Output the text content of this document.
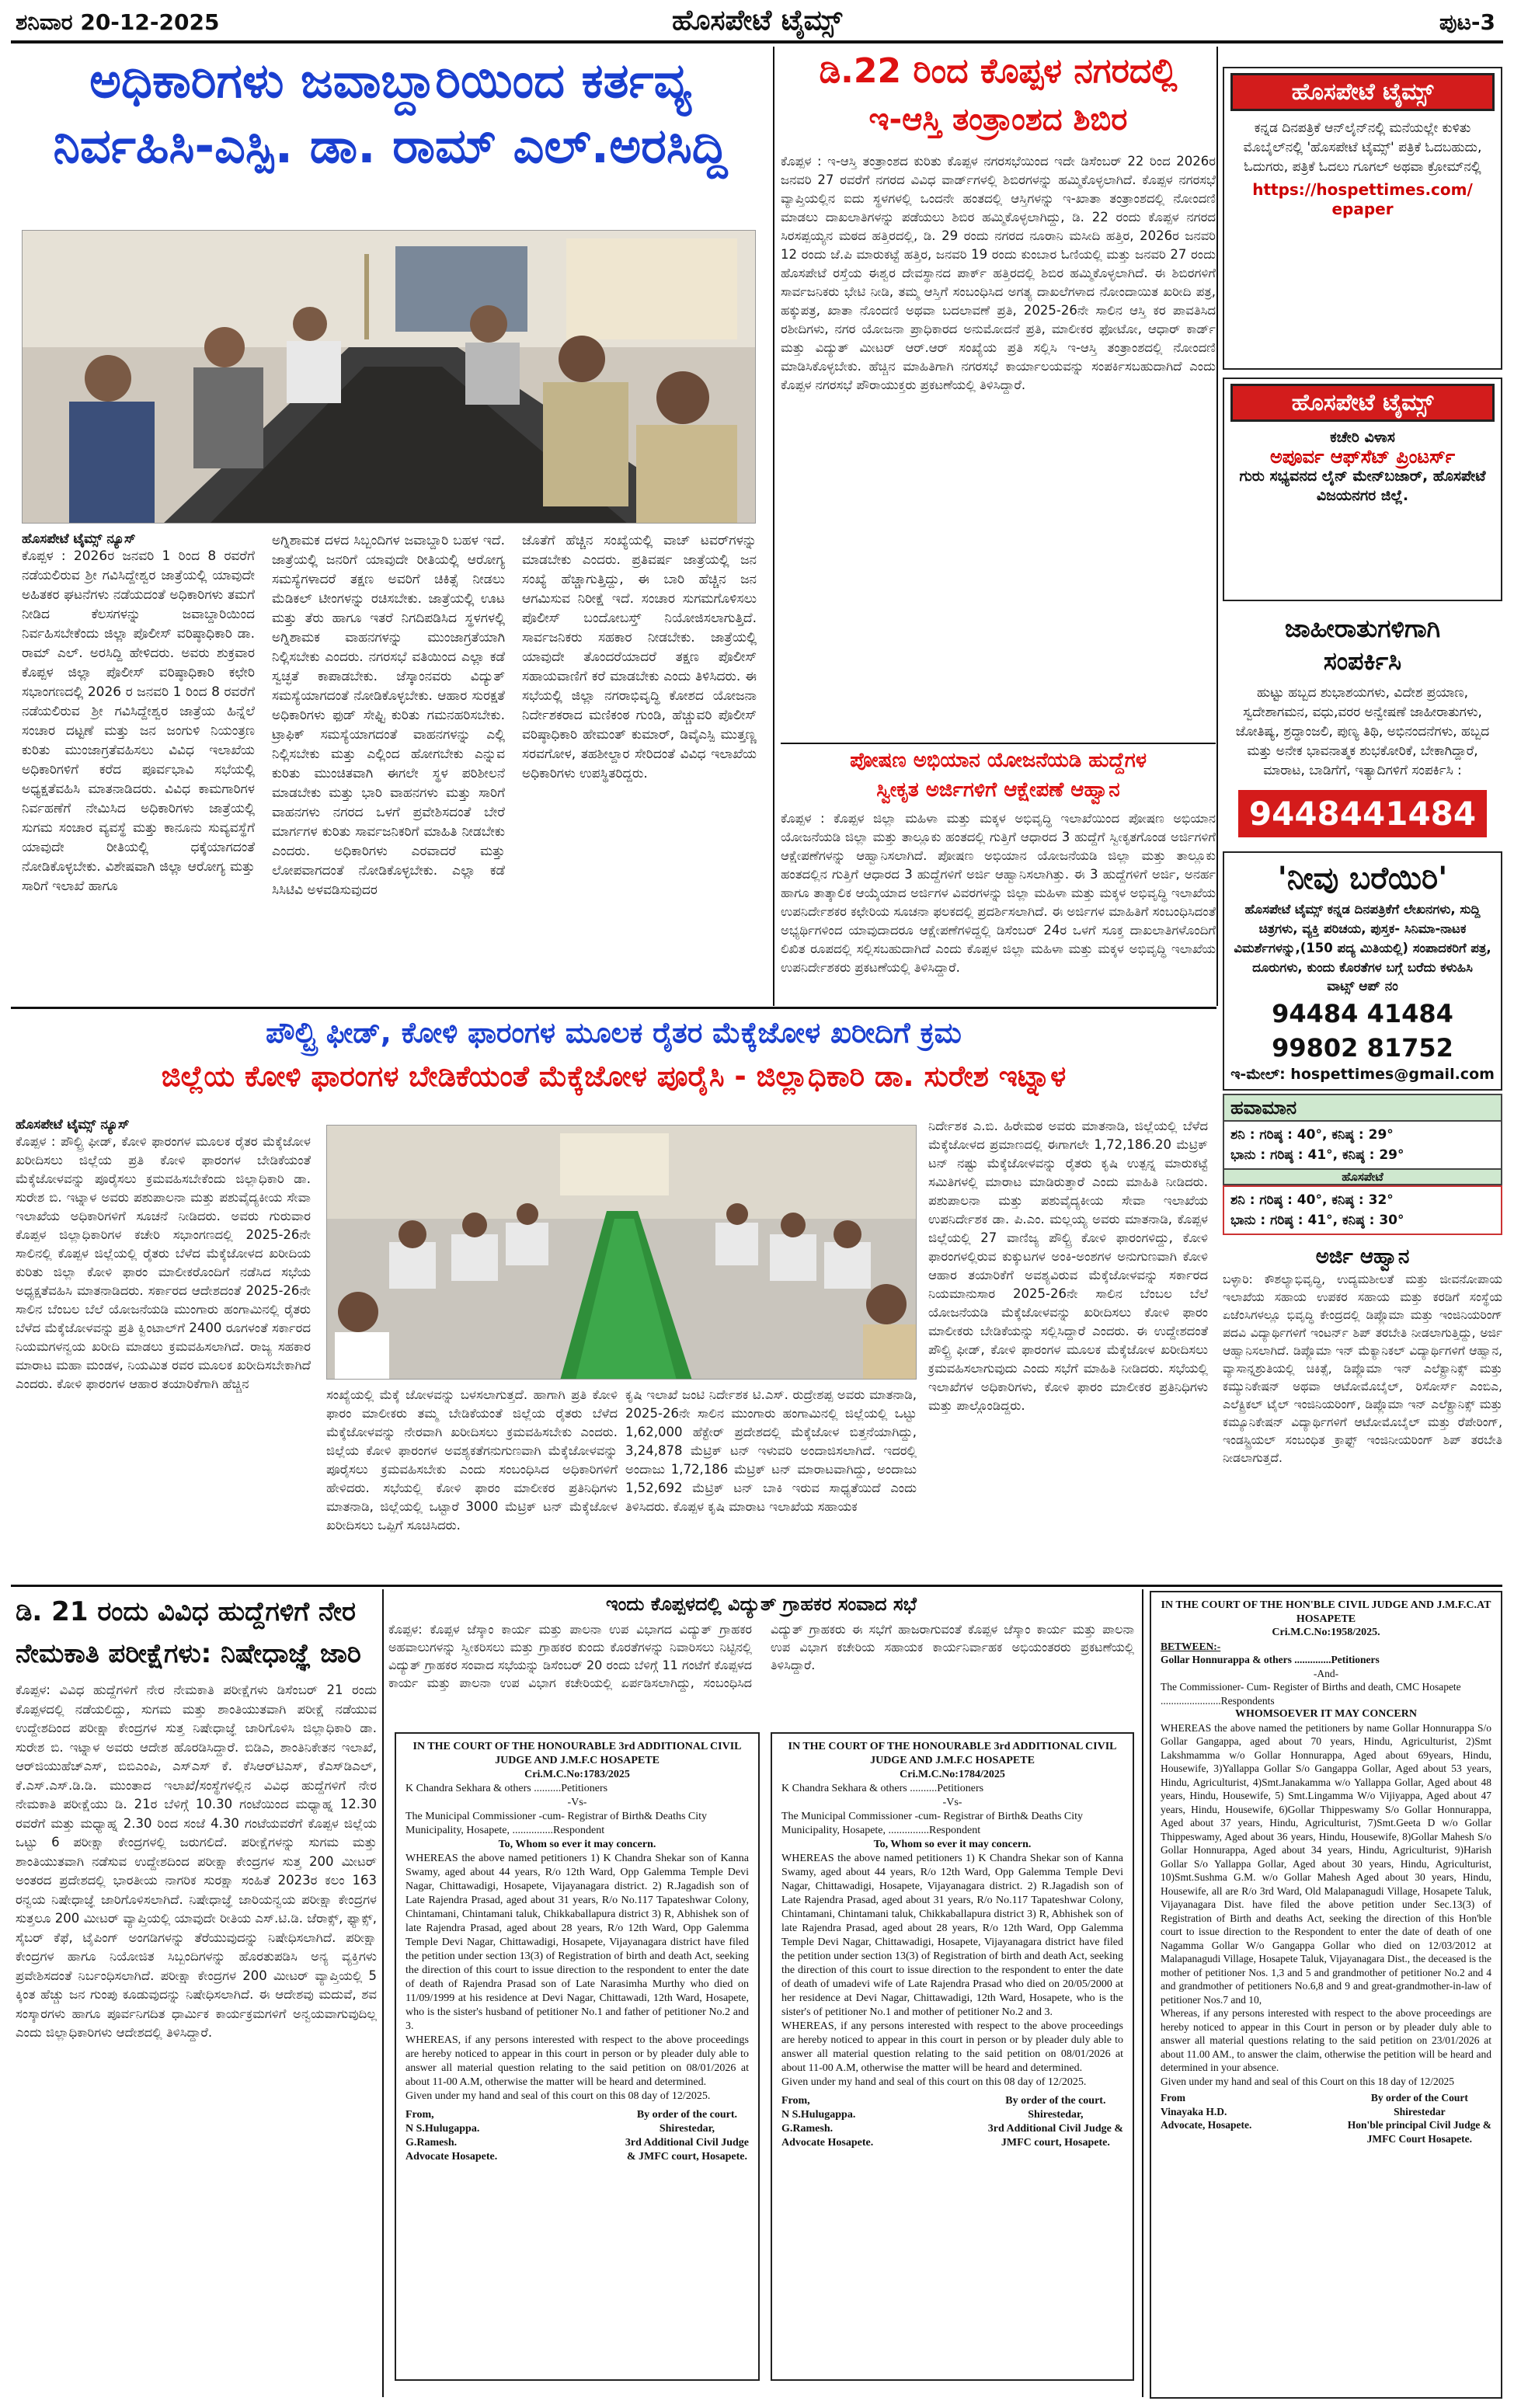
ಶನಿವಾರ 20-12-2025	ಹೊಸಪೇಟೆ ಟೈಮ್ಸ್	ಪುಟ-3
ಅಧಿಕಾರಿಗಳು ಜವಾಬ್ದಾರಿಯಿಂದ ಕರ್ತವ್ಯ
ನಿರ್ವಹಿಸಿ-ಎಸ್ಪಿ. ಡಾ. ರಾಮ್ ಎಲ್.ಅರಸಿದ್ದಿ
ಹೊಸಪೇಟೆ ಟೈಮ್ಸ್ ನ್ಯೂಸ್
ಕೊಪ್ಪಳ : 2026ರ ಜನವರಿ 1 ರಿಂದ 8 ರವರೆಗೆ ನಡೆಯಲಿರುವ ಶ್ರೀ ಗವಿಸಿದ್ದೇಶ್ವರ ಜಾತ್ರೆಯಲ್ಲಿ ಯಾವುದೇ ಅಹಿತಕರ ಘಟನೆಗಳು ನಡೆಯದಂತೆ ಅಧಿಕಾರಿಗಳು ತಮಗೆ ನೀಡಿದ ಕೆಲಸಗಳನ್ನು ಜವಾಬ್ದಾರಿಯಿಂದ ನಿರ್ವಹಿಸಬೇಕೆಂದು ಜಿಲ್ಲಾ ಪೊಲೀಸ್ ವರಿಷ್ಠಾಧಿಕಾರಿ ಡಾ. ರಾಮ್ ಎಲ್. ಅರಸಿದ್ದಿ ಹೇಳಿದರು. ಅವರು ಶುಕ್ರವಾರ ಕೊಪ್ಪಳ ಜಿಲ್ಲಾ ಪೊಲೀಸ್ ವರಿಷ್ಠಾಧಿಕಾರಿ ಕಛೇರಿ ಸಭಾಂಗಣದಲ್ಲಿ 2026 ರ ಜನವರಿ 1 ರಿಂದ 8 ರವರೆಗೆ ನಡೆಯಲಿರುವ ಶ್ರೀ ಗವಿಸಿದ್ದೇಶ್ವರ ಜಾತ್ರೆಯ ಹಿನ್ನೆಲೆ ಸಂಚಾರ ದಟ್ಟಣೆ ಮತ್ತು ಜನ ಜಂಗುಳಿ ನಿಯಂತ್ರಣ ಕುರಿತು ಮುಂಜಾಗ್ರತೆವಹಿಸಲು ವಿವಿಧ ಇಲಾಖೆಯ ಅಧಿಕಾರಿಗಳಿಗೆ ಕರೆದ ಪೂರ್ವಭಾವಿ ಸಭೆಯಲ್ಲಿ ಅಧ್ಯಕ್ಷತೆವಹಿಸಿ ಮಾತನಾಡಿದರು. ವಿವಿಧ ಕಾಮಗಾರಿಗಳ ನಿರ್ವಹಣೆಗೆ ನೇಮಿಸಿದ ಅಧಿಕಾರಿಗಳು ಜಾತ್ರೆಯಲ್ಲಿ ಸುಗಮ ಸಂಚಾರ ವ್ಯವಸ್ಥೆ ಮತ್ತು ಕಾನೂನು ಸುವ್ಯವಸ್ಥೆಗೆ ಯಾವುದೇ ರೀತಿಯಲ್ಲಿ ಧಕ್ಕೆಯಾಗದಂತೆ ನೋಡಿಕೊಳ್ಳಬೇಕು. ವಿಶೇಷವಾಗಿ ಜಿಲ್ಲಾ ಆರೋಗ್ಯ ಮತ್ತು ಸಾರಿಗೆ ಇಲಾಖೆ ಹಾಗೂ
ಅಗ್ನಿಶಾಮಕ ದಳದ ಸಿಬ್ಬಂದಿಗಳ ಜವಾಬ್ದಾರಿ ಬಹಳ ಇದೆ. ಜಾತ್ರೆಯಲ್ಲಿ ಜನರಿಗೆ ಯಾವುದೇ ರೀತಿಯಲ್ಲಿ ಆರೋಗ್ಯ ಸಮಸ್ಯೆಗಳಾದರೆ ತಕ್ಷಣ ಅವರಿಗೆ ಚಿಕಿತ್ಸೆ ನೀಡಲು ಮೆಡಿಕಲ್ ಟೀಂಗಳನ್ನು ರಚಿಸಬೇಕು. ಜಾತ್ರೆಯಲ್ಲಿ ಊಟ ಮತ್ತು ತೆರು ಹಾಗೂ ಇತರೆ ನಿಗದಿಪಡಿಸಿದ ಸ್ಥಳಗಳಲ್ಲಿ ಅಗ್ನಿಶಾಮಕ ವಾಹನಗಳನ್ನು ಮುಂಜಾಗ್ರತೆಯಾಗಿ ನಿಲ್ಲಿಸಬೇಕು ಎಂದರು. ನಗರಸಭೆ ವತಿಯಿಂದ ಎಲ್ಲಾ ಕಡೆ ಸ್ವಚ್ಛತೆ ಕಾಪಾಡಬೇಕು. ಜೆಸ್ಕಾಂನವರು ವಿದ್ಯುತ್ ಸಮಸ್ಯೆಯಾಗದಂತೆ ನೋಡಿಕೊಳ್ಳಬೇಕು. ಆಹಾರ ಸುರಕ್ಷತೆ ಅಧಿಕಾರಿಗಳು ಫುಡ್ ಸೇಫ್ಟಿ ಕುರಿತು ಗಮನಹರಿಸಬೇಕು. ಟ್ರಾಫಿಕ್ ಸಮಸ್ಯೆಯಾಗದಂತೆ ವಾಹನಗಳನ್ನು ಎಲ್ಲಿ ನಿಲ್ಲಿಸಬೇಕು ಮತ್ತು ಎಲ್ಲಿಂದ ಹೋಗಬೇಕು ಎನ್ನುವ ಕುರಿತು ಮುಂಚಿತವಾಗಿ ಈಗಲೇ ಸ್ಥಳ ಪರಿಶೀಲನೆ ಮಾಡಬೇಕು ಮತ್ತು ಭಾರಿ ವಾಹನಗಳು ಮತ್ತು ಸಾರಿಗೆ ವಾಹನಗಳು ನಗರದ ಒಳಗೆ ಪ್ರವೇಶಿಸದಂತೆ ಬೇರೆ ಮಾರ್ಗಗಳ ಕುರಿತು ಸಾರ್ವಜನಿಕರಿಗೆ ಮಾಹಿತಿ ನೀಡಬೇಕು ಎಂದರು. ಅಧಿಕಾರಿಗಳು ಎರವಾದರೆ ಮತ್ತು ಲೋಪವಾಗದಂತೆ ನೋಡಿಕೊಳ್ಳಬೇಕು. ಎಲ್ಲಾ ಕಡೆ ಸಿಸಿಟಿವಿ ಅಳವಡಿಸುವುದರ
ಜೊತೆಗೆ ಹೆಚ್ಚಿನ ಸಂಖ್ಯೆಯಲ್ಲಿ ವಾಚ್ ಟವರ್‌ಗಳನ್ನು ಮಾಡಬೇಕು ಎಂದರು. ಪ್ರತಿವರ್ಷ ಜಾತ್ರೆಯಲ್ಲಿ ಜನ ಸಂಖ್ಯೆ ಹೆಚ್ಚಾಗುತ್ತಿದ್ದು, ಈ ಬಾರಿ ಹೆಚ್ಚಿನ ಜನ ಆಗಮಿಸುವ ನಿರೀಕ್ಷೆ ಇದೆ. ಸಂಚಾರ ಸುಗಮಗೊಳಿಸಲು ಪೊಲೀಸ್ ಬಂದೋಬಸ್ತ್ ನಿಯೋಜಿಸಲಾಗುತ್ತಿದೆ. ಸಾರ್ವಜನಿಕರು ಸಹಕಾರ ನೀಡಬೇಕು. ಜಾತ್ರೆಯಲ್ಲಿ ಯಾವುದೇ ತೊಂದರೆಯಾದರೆ ತಕ್ಷಣ ಪೊಲೀಸ್ ಸಹಾಯವಾಣಿಗೆ ಕರೆ ಮಾಡಬೇಕು ಎಂದು ತಿಳಿಸಿದರು. ಈ ಸಭೆಯಲ್ಲಿ ಜಿಲ್ಲಾ ನಗರಾಭಿವೃದ್ಧಿ ಕೋಶದ ಯೋಜನಾ ನಿರ್ದೇಶಕರಾದ ಮಣಿಕಂಠ ಗುಂಡಿ, ಹೆಚ್ಚುವರಿ ಪೊಲೀಸ್ ವರಿಷ್ಠಾಧಿಕಾರಿ ಹೇಮಂತ್ ಕುಮಾರ್, ಡಿವೈಎಸ್ಪಿ ಮುತ್ತಣ್ಣ ಸರವಗೋಳ, ತಹಶೀಲ್ದಾರ ಸೇರಿದಂತೆ ವಿವಿಧ ಇಲಾಖೆಯ ಅಧಿಕಾರಿಗಳು ಉಪಸ್ಥಿತರಿದ್ದರು.
ಡಿ.22 ರಿಂದ ಕೊಪ್ಪಳ ನಗರದಲ್ಲಿ
ಇ-ಆಸ್ತಿ ತಂತ್ರಾಂಶದ ಶಿಬಿರ
ಕೊಪ್ಪಳ : ಇ-ಆಸ್ತಿ ತಂತ್ರಾಂಶದ ಕುರಿತು ಕೊಪ್ಪಳ ನಗರಸಭೆಯಿಂದ ಇದೇ ಡಿಸೆಂಬರ್ 22 ರಿಂದ 2026ರ ಜನವರಿ 27 ರವರೆಗೆ ನಗರದ ವಿವಿಧ ವಾರ್ಡ್‌ಗಳಲ್ಲಿ ಶಿಬಿರಗಳನ್ನು ಹಮ್ಮಿಕೊಳ್ಳಲಾಗಿದೆ. ಕೊಪ್ಪಳ ನಗರಸಭೆ ವ್ಯಾಪ್ತಿಯಲ್ಲಿನ ಐದು ಸ್ಥಳಗಳಲ್ಲಿ ಒಂದನೇ ಹಂತದಲ್ಲಿ ಆಸ್ತಿಗಳನ್ನು ಇ-ಖಾತಾ ತಂತ್ರಾಂಶದಲ್ಲಿ ನೋಂದಣಿ ಮಾಡಲು ದಾಖಲಾತಿಗಳನ್ನು ಪಡೆಯಲು ಶಿಬಿರ ಹಮ್ಮಿಕೊಳ್ಳಲಾಗಿದ್ದು, ಡಿ. 22 ರಂದು ಕೊಪ್ಪಳ ನಗರದ ಸಿರಸಪ್ಪಯ್ಯನ ಮಠದ ಹತ್ತಿರದಲ್ಲಿ, ಡಿ. 29 ರಂದು ನಗರದ ನೂರಾನಿ ಮಸೀದಿ ಹತ್ತಿರ, 2026ರ ಜನವರಿ 12 ರಂದು ಜೆ.ಪಿ ಮಾರುಕಟ್ಟೆ ಹತ್ತಿರ, ಜನವರಿ 19 ರಂದು ಕುಂಬಾರ ಓಣಿಯಲ್ಲಿ ಮತ್ತು ಜನವರಿ 27 ರಂದು ಹೊಸಪೇಟೆ ರಸ್ತೆಯ ಈಶ್ವರ ದೇವಸ್ಥಾನದ ಪಾರ್ಕ್ ಹತ್ತಿರದಲ್ಲಿ ಶಿಬಿರ ಹಮ್ಮಿಕೊಳ್ಳಲಾಗಿದೆ. ಈ ಶಿಬಿರಗಳಿಗೆ ಸಾರ್ವಜನಿಕರು ಭೇಟಿ ನೀಡಿ, ತಮ್ಮ ಆಸ್ತಿಗೆ ಸಂಬಂಧಿಸಿದ ಅಗತ್ಯ ದಾಖಲೆಗಳಾದ ನೋಂದಾಯಿತ ಖರೀದಿ ಪತ್ರ, ಹಕ್ಕುಪತ್ರ, ಖಾತಾ ನೊಂದಣಿ ಅಥವಾ ಬದಲಾವಣೆ ಪ್ರತಿ, 2025-26ನೇ ಸಾಲಿನ ಆಸ್ತಿ ಕರ ಪಾವತಿಸಿದ ರಶೀದಿಗಳು, ನಗರ ಯೋಜನಾ ಪ್ರಾಧಿಕಾರದ ಅನುಮೋದನೆ ಪ್ರತಿ, ಮಾಲೀಕರ ಫೋಟೋ, ಆಧಾರ್ ಕಾರ್ಡ್ ಮತ್ತು ವಿದ್ಯುತ್ ಮೀಟರ್ ಆರ್.ಆರ್ ಸಂಖ್ಯೆಯ ಪ್ರತಿ ಸಲ್ಲಿಸಿ ಇ-ಆಸ್ತಿ ತಂತ್ರಾಂಶದಲ್ಲಿ ನೋಂದಣಿ ಮಾಡಿಸಿಕೊಳ್ಳಬೇಕು. ಹೆಚ್ಚಿನ ಮಾಹಿತಿಗಾಗಿ ನಗರಸಭೆ ಕಾರ್ಯಾಲಯವನ್ನು ಸಂಪರ್ಕಿಸಬಹುದಾಗಿದೆ ಎಂದು ಕೊಪ್ಪಳ ನಗರಸಭೆ ಪೌರಾಯುಕ್ತರು ಪ್ರಕಟಣೆಯಲ್ಲಿ ತಿಳಿಸಿದ್ದಾರೆ.
ಪೋಷಣ ಅಭಿಯಾನ ಯೋಜನೆಯಡಿ ಹುದ್ದೆಗಳ
ಸ್ವೀಕೃತ ಅರ್ಜಿಗಳಿಗೆ ಆಕ್ಷೇಪಣೆ ಆಹ್ವಾನ
ಕೊಪ್ಪಳ : ಕೊಪ್ಪಳ ಜಿಲ್ಲಾ ಮಹಿಳಾ ಮತ್ತು ಮಕ್ಕಳ ಅಭಿವೃದ್ಧಿ ಇಲಾಖೆಯಿಂದ ಪೋಷಣ ಅಭಿಯಾನ ಯೋಜನೆಯಡಿ ಜಿಲ್ಲಾ ಮತ್ತು ತಾಲ್ಲೂಕು ಹಂತದಲ್ಲಿ ಗುತ್ತಿಗೆ ಆಧಾರದ 3 ಹುದ್ದೆಗೆ ಸ್ವೀಕೃತಗೊಂಡ ಅರ್ಜಿಗಳಿಗೆ ಆಕ್ಷೇಪಣೆಗಳನ್ನು ಆಹ್ವಾನಿಸಲಾಗಿದೆ. ಪೋಷಣ ಅಭಿಯಾನ ಯೋಜನೆಯಡಿ ಜಿಲ್ಲಾ ಮತ್ತು ತಾಲ್ಲೂಕು ಹಂತದಲ್ಲಿನ ಗುತ್ತಿಗೆ ಆಧಾರದ 3 ಹುದ್ದೆಗಳಿಗೆ ಅರ್ಜಿ ಆಹ್ವಾನಿಸಲಾಗಿತ್ತು. ಈ 3 ಹುದ್ದೆಗಳಿಗೆ ಅರ್ಜಿ, ಅನರ್ಹ ಹಾಗೂ ತಾತ್ಕಾಲಿಕ ಆಯ್ಕೆಯಾದ ಅರ್ಜಿಗಳ ವಿವರಗಳನ್ನು ಜಿಲ್ಲಾ ಮಹಿಳಾ ಮತ್ತು ಮಕ್ಕಳ ಅಭಿವೃದ್ಧಿ ಇಲಾಖೆಯ ಉಪನಿರ್ದೇಶಕರ ಕಛೇರಿಯ ಸೂಚನಾ ಫಲಕದಲ್ಲಿ ಪ್ರದರ್ಶಿಸಲಾಗಿದೆ. ಈ ಅರ್ಜಿಗಳ ಮಾಹಿತಿಗೆ ಸಂಬಂಧಿಸಿದಂತೆ ಅಭ್ಯರ್ಥಿಗಳಿಂದ ಯಾವುದಾದರೂ ಆಕ್ಷೇಪಣೆಗಳಿದ್ದಲ್ಲಿ ಡಿಸೆಂಬರ್ 24ರ ಒಳಗೆ ಸೂಕ್ತ ದಾಖಲಾತಿಗಳೊಂದಿಗೆ ಲಿಖಿತ ರೂಪದಲ್ಲಿ ಸಲ್ಲಿಸಬಹುದಾಗಿದೆ ಎಂದು ಕೊಪ್ಪಳ ಜಿಲ್ಲಾ ಮಹಿಳಾ ಮತ್ತು ಮಕ್ಕಳ ಅಭಿವೃದ್ಧಿ ಇಲಾಖೆಯ ಉಪನಿರ್ದೇಶಕರು ಪ್ರಕಟಣೆಯಲ್ಲಿ ತಿಳಿಸಿದ್ದಾರೆ.
ಹೊಸಪೇಟೆ ಟೈಮ್ಸ್
ಕನ್ನಡ ದಿನಪತ್ರಿಕೆ ಆನ್‌ಲೈನ್‌ನಲ್ಲಿ ಮನೆಯಲ್ಲೇ ಕುಳಿತು ಮೊಬೈಲ್‌ನಲ್ಲಿ 'ಹೊಸಪೇಟೆ ಟೈಮ್ಸ್' ಪತ್ರಿಕೆ ಓದಬಹುದು, ಓದುಗರು, ಪತ್ರಿಕೆ ಓದಲು ಗೂಗಲ್ ಅಥವಾ ಕ್ರೋಮ್‌ನಲ್ಲಿ
https://hospettimes.com/
epaper
ಹೊಸಪೇಟೆ ಟೈಮ್ಸ್
ಕಚೇರಿ ವಿಳಾಸ
ಅಪೂರ್ವ ಆಫ್‌ಸೆಟ್ ಪ್ರಿಂಟರ್ಸ್
ಗುರು ಸಭ್ಯವನದ ಲೈನ್ ಮೇನ್‌ಬಜಾರ್, ಹೊಸಪೇಟೆ ವಿಜಯನಗರ ಜಿಲ್ಲೆ.
ಜಾಹೀರಾತುಗಳಿಗಾಗಿ
ಸಂಪರ್ಕಿಸಿ
ಹುಟ್ಟು ಹಬ್ಬದ ಶುಭಾಶಯಗಳು, ವಿದೇಶ ಪ್ರಯಾಣ, ಸ್ವದೇಶಾಗಮನ, ವಧು,ವರರ ಅನ್ವೇಷಣೆ ಜಾಹೀರಾತುಗಳು, ಜೋತಿಷ್ಯ, ಶ್ರದ್ಧಾಂಜಲಿ, ಪುಣ್ಯ ತಿಥಿ, ಅಭಿನಂದನೆಗಳು, ಹಬ್ಬದ ಮತ್ತು ಅನೇಕ ಭಾವನಾತ್ಮಕ ಶುಭಕೋರಿಕೆ, ಬೇಕಾಗಿದ್ದಾರೆ, ಮಾರಾಟ, ಬಾಡಿಗೆಗೆ, ಇತ್ಯಾದಿಗಳಿಗೆ ಸಂಪರ್ಕಿಸಿ :
9448441484
'ನೀವು ಬರೆಯಿರಿ'
ಹೊಸಪೇಟೆ ಟೈಮ್ಸ್ ಕನ್ನಡ ದಿನಪತ್ರಿಕೆಗೆ ಲೇಖನಗಳು, ಸುದ್ದಿ ಚಿತ್ರಗಳು, ವ್ಯಕ್ತಿ ಪರಿಚಯ, ಪುಸ್ತಕ- ಸಿನಿಮಾ-ನಾಟಕ ವಿಮರ್ಶೆಗಳನ್ನು,(150 ಪದ್ಯ ಮಿತಿಯಲ್ಲಿ) ಸಂಪಾದಕರಿಗೆ ಪತ್ರ, ದೂರುಗಳು, ಕುಂದು ಕೊರತೆಗಳ ಬಗ್ಗೆ ಬರೆದು ಕಳುಹಿಸಿ
ವಾಟ್ಸ್ ಆಪ್ ನಂ
94484 41484
99802 81752
ಇ-ಮೇಲ್: hospettimes@gmail.com
ಹವಾಮಾನ
ಶನಿ : ಗರಿಷ್ಠ : 40°, ಕನಿಷ್ಠ : 29°
ಭಾನು : ಗರಿಷ್ಠ : 41°, ಕನಿಷ್ಠ : 29°
ಹೊಸಪೇಟೆ
ಶನಿ : ಗರಿಷ್ಠ : 40°, ಕನಿಷ್ಠ : 32°
ಭಾನು : ಗರಿಷ್ಠ : 41°, ಕನಿಷ್ಠ : 30°
ಅರ್ಜಿ ಆಹ್ವಾನ
ಬಳ್ಳಾರಿ: ಕೌಶಲ್ಯಾಭಿವೃದ್ಧಿ, ಉದ್ಯಮಶೀಲತೆ ಮತ್ತು ಜೀವನೋಪಾಯ ಇಲಾಖೆಯ ಸಹಾಯ ಉಪಕರ ಸಹಾಯ ಮತ್ತು ಕರಡಿಗೆ ಸಂಸ್ಥೆಯ ಏಜೆಂಸಿಗಳಲ್ಲೂ ಭಿವೃದ್ಧಿ ಕೇಂದ್ರದಲ್ಲಿ ಡಿಪ್ಲೊಮಾ ಮತ್ತು ಇಂಜಿನಿಯರಿಂಗ್ ಪದವಿ ವಿದ್ಯಾರ್ಥಿಗಳಿಗೆ ಇಂಟರ್ನ್ ಶಿಪ್ ತರಬೇತಿ ನೀಡಲಾಗುತ್ತಿದ್ದು, ಅರ್ಜಿ ಆಹ್ವಾನಿಸಲಾಗಿದೆ. ಡಿಪ್ಲೊಮಾ ಇನ್ ಮೆಕ್ಯಾನಿಕಲ್ ವಿದ್ಯಾರ್ಥಿಗಳಿಗೆ ಆಹ್ವಾನ, ವ್ಯಾಸಾನ್ನಶ್ರುತಿಯಲ್ಲಿ ಚಿಕಿತ್ಸೆ, ಡಿಪ್ಲೊಮಾ ಇನ್ ಎಲೆಕ್ಟ್ರಾನಿಕ್ಸ್ ಮತ್ತು ಕಮ್ಯುನಿಕೇಷನ್ ಅಥವಾ ಆಟೋಮೊಬೈಲ್, ರಿಸೋರ್ಸ್ ಎಂಬಿಎ, ಎಲೆಕ್ಟ್ರಿಕಲ್ ಟೈಲ್ ಇಂಜಿನಿಯರಿಂಗ್, ಡಿಪ್ಲೊಮಾ ಇನ್ ಎಲೆಕ್ಟ್ರಾನಿಕ್ಸ್ ಮತ್ತು ಕಮ್ಯೂನಿಕೇಷನ್ ವಿದ್ಯಾರ್ಥಿಗಳಿಗೆ ಆಟೋಮೊಬೈಲ್ ಮತ್ತು ರೆಪೇರಿಂಗ್, ಇಂಡಸ್ಟ್ರಿಯಲ್ ಸಂಬಂಧಿತ ಕ್ರಾಫ್ಟ್ ಇಂಜಿನೀಯರಿಂಗ್ ಶಿಪ್‌ ತರಬೇತಿ ನೀಡಲಾಗುತ್ತದೆ.
ಪೌಲ್ಟ್ರಿ ಫೀಡ್, ಕೋಳಿ ಫಾರಂಗಳ ಮೂಲಕ ರೈತರ ಮೆಕ್ಕೆಜೋಳ ಖರೀದಿಗೆ ಕ್ರಮ
ಜಿಲ್ಲೆಯ ಕೋಳಿ ಫಾರಂಗಳ ಬೇಡಿಕೆಯಂತೆ ಮೆಕ್ಕೆಜೋಳ ಪೂರೈಸಿ - ಜಿಲ್ಲಾಧಿಕಾರಿ ಡಾ. ಸುರೇಶ ಇಟ್ನಾಳ
ಹೊಸಪೇಟೆ ಟೈಮ್ಸ್ ನ್ಯೂಸ್
ಕೊಪ್ಪಳ : ಪೌಲ್ಟ್ರಿ ಫೀಡ್, ಕೋಳಿ ಫಾರಂಗಳ ಮೂಲಕ ರೈತರ ಮೆಕ್ಕೆಜೋಳ ಖರೀದಿಸಲು ಜಿಲ್ಲೆಯ ಪ್ರತಿ ಕೋಳಿ ಫಾರಂಗಳ ಬೇಡಿಕೆಯಂತೆ ಮೆಕ್ಕೆಜೋಳವನ್ನು ಪೂರೈಸಲು ಕ್ರಮವಹಿಸಬೇಕೆಂದು ಜಿಲ್ಲಾಧಿಕಾರಿ ಡಾ. ಸುರೇಶ ಬಿ. ಇಟ್ನಾಳ ಅವರು ಪಶುಪಾಲನಾ ಮತ್ತು ಪಶುವೈದ್ಯಕೀಯ ಸೇವಾ ಇಲಾಖೆಯ ಅಧಿಕಾರಿಗಳಿಗೆ ಸೂಚನೆ ನೀಡಿದರು. ಅವರು ಗುರುವಾರ ಕೊಪ್ಪಳ ಜಿಲ್ಲಾಧಿಕಾರಿಗಳ ಕಚೇರಿ ಸಭಾಂಗಣದಲ್ಲಿ 2025-26ನೇ ಸಾಲಿನಲ್ಲಿ ಕೊಪ್ಪಳ ಜಿಲ್ಲೆಯಲ್ಲಿ ರೈತರು ಬೆಳೆದ ಮೆಕ್ಕೆಜೋಳದ ಖರೀದಿಯ ಕುರಿತು ಜಿಲ್ಲಾ ಕೋಳಿ ಫಾರಂ ಮಾಲೀಕರೊಂದಿಗೆ ನಡೆಸಿದ ಸಭೆಯ ಅಧ್ಯಕ್ಷತೆವಹಿಸಿ ಮಾತನಾಡಿದರು. ಸರ್ಕಾರದ ಆದೇಶದಂತೆ 2025-26ನೇ ಸಾಲಿನ ಬೆಂಬಲ ಬೆಲೆ ಯೋಜನೆಯಡಿ ಮುಂಗಾರು ಹಂಗಾಮಿನಲ್ಲಿ ರೈತರು ಬೆಳೆದ ಮೆಕ್ಕೆಜೋಳವನ್ನು ಪ್ರತಿ ಕ್ವಿಂಟಾಲ್‌ಗೆ 2400 ರೂಗಳಂತೆ ಸರ್ಕಾರದ ನಿಯಮಗಳನ್ವಯ ಖರೀದಿ ಮಾಡಲು ಕ್ರಮವಹಿಸಲಾಗಿದೆ. ರಾಜ್ಯ ಸಹಕಾರ ಮಾರಾಟ ಮಹಾ ಮಂಡಳ, ನಿಯಮಿತ ರವರ ಮೂಲಕ ಖರೀದಿಸಬೇಕಾಗಿದೆ ಎಂದರು. ಕೋಳಿ ಫಾರಂಗಳ ಆಹಾರ ತಯಾರಿಕೆಗಾಗಿ ಹೆಚ್ಚಿನ
ಸಂಖ್ಯೆಯಲ್ಲಿ ಮೆಕ್ಕೆ ಜೋಳವನ್ನು ಬಳಸಲಾಗುತ್ತದೆ. ಹಾಗಾಗಿ ಪ್ರತಿ ಕೋಳಿ ಫಾರಂ ಮಾಲೀಕರು ತಮ್ಮ ಬೇಡಿಕೆಯಂತೆ ಜಿಲ್ಲೆಯ ರೈತರು ಬೆಳೆದ ಮೆಕ್ಕೆಜೋಳವನ್ನು ನೇರವಾಗಿ ಖರೀದಿಸಲು ಕ್ರಮವಹಿಸಬೇಕು ಎಂದರು. ಜಿಲ್ಲೆಯ ಕೋಳಿ ಫಾರಂಗಳ ಅವಶ್ಯಕತೆಗನುಗುಣವಾಗಿ ಮೆಕ್ಕೆಜೋಳವನ್ನು ಪೂರೈಸಲು ಕ್ರಮವಹಿಸಬೇಕು ಎಂದು ಸಂಬಂಧಿಸಿದ ಅಧಿಕಾರಿಗಳಿಗೆ ಹೇಳಿದರು. ಸಭೆಯಲ್ಲಿ ಕೋಳಿ ಫಾರಂ ಮಾಲೀಕರ ಪ್ರತಿನಿಧಿಗಳು ಮಾತನಾಡಿ, ಜಿಲ್ಲೆಯಲ್ಲಿ ಒಟ್ಟಾರೆ 3000 ಮೆಟ್ರಿಕ್ ಟನ್ ಮೆಕ್ಕೆಜೋಳ ಖರೀದಿಸಲು ಒಪ್ಪಿಗೆ ಸೂಚಿಸಿದರು.
ಕೃಷಿ ಇಲಾಖೆ ಜಂಟಿ ನಿರ್ದೇಶಕ ಟಿ.ಎಸ್. ರುದ್ರೇಶಪ್ಪ ಅವರು ಮಾತನಾಡಿ, 2025-26ನೇ ಸಾಲಿನ ಮುಂಗಾರು ಹಂಗಾಮಿನಲ್ಲಿ ಜಿಲ್ಲೆಯಲ್ಲಿ ಒಟ್ಟು 1,62,000 ಹೆಕ್ಟೇರ್ ಪ್ರದೇಶದಲ್ಲಿ ಮೆಕ್ಕೆಜೋಳ ಬಿತ್ತನೆಯಾಗಿದ್ದು, 3,24,878 ಮೆಟ್ರಿಕ್ ಟನ್ ಇಳುವರಿ ಅಂದಾಜಿಸಲಾಗಿದೆ. ಇದರಲ್ಲಿ ಅಂದಾಜು 1,72,186 ಮೆಟ್ರಿಕ್ ಟನ್ ಮಾರಾಟವಾಗಿದ್ದು, ಅಂದಾಜು 1,52,692 ಮೆಟ್ರಿಕ್ ಟನ್ ಬಾಕಿ ಇರುವ ಸಾಧ್ಯತೆಯಿದೆ ಎಂದು ತಿಳಿಸಿದರು. ಕೊಪ್ಪಳ ಕೃಷಿ ಮಾರಾಟ ಇಲಾಖೆಯ ಸಹಾಯಕ
ನಿರ್ದೇಶಕ ಎ.ಬಿ. ಹಿರೇಮಠ ಅವರು ಮಾತನಾಡಿ, ಜಿಲ್ಲೆಯಲ್ಲಿ ಬೆಳೆದ ಮೆಕ್ಕೆಜೋಳದ ಪ್ರಮಾಣದಲ್ಲಿ ಈಗಾಗಲೇ 1,72,186.20 ಮೆಟ್ರಿಕ್ ಟನ್ ನಷ್ಟು ಮೆಕ್ಕೆಜೋಳವನ್ನು ರೈತರು ಕೃಷಿ ಉತ್ಪನ್ನ ಮಾರುಕಟ್ಟೆ ಸಮಿತಿಗಳಲ್ಲಿ ಮಾರಾಟ ಮಾಡಿರುತ್ತಾರೆ ಎಂದು ಮಾಹಿತಿ ನೀಡಿದರು. ಪಶುಪಾಲನಾ ಮತ್ತು ಪಶುವೈದ್ಯಕೀಯ ಸೇವಾ ಇಲಾಖೆಯ ಉಪನಿರ್ದೇಶಕ ಡಾ. ಪಿ.ಎಂ. ಮಲ್ಲಯ್ಯ ಅವರು ಮಾತನಾಡಿ, ಕೊಪ್ಪಳ ಜಿಲ್ಲೆಯಲ್ಲಿ 27 ವಾಣಿಜ್ಯ ಪೌಲ್ಟ್ರಿ ಕೋಳಿ ಫಾರಂಗಳಿದ್ದು, ಕೋಳಿ ಫಾರಂಗಳಲ್ಲಿರುವ ಕುಕ್ಕುಟಗಳ ಅಂಕಿ-ಅಂಶಗಳ ಅನುಗುಣವಾಗಿ ಕೋಳಿ ಆಹಾರ ತಯಾರಿಕೆಗೆ ಅವಶ್ಯವಿರುವ ಮೆಕ್ಕೆಜೋಳವನ್ನು ಸರ್ಕಾರದ ನಿಯಮಾನುಸಾರ 2025-26ನೇ ಸಾಲಿನ ಬೆಂಬಲ ಬೆಲೆ ಯೋಜನೆಯಡಿ ಮೆಕ್ಕೆಜೋಳವನ್ನು ಖರೀದಿಸಲು ಕೋಳಿ ಫಾರಂ ಮಾಲೀಕರು ಬೇಡಿಕೆಯನ್ನು ಸಲ್ಲಿಸಿದ್ದಾರೆ ಎಂದರು. ಈ ಉದ್ದೇಶದಂತೆ ಪೌಲ್ಟ್ರಿ ಫೀಡ್, ಕೋಳಿ ಫಾರಂಗಳ ಮೂಲಕ ಮೆಕ್ಕೆಜೋಳ ಖರೀದಿಸಲು ಕ್ರಮವಹಿಸಲಾಗುವುದು ಎಂದು ಸಭೆಗೆ ಮಾಹಿತಿ ನೀಡಿದರು. ಸಭೆಯಲ್ಲಿ ಇಲಾಖೆಗಳ ಅಧಿಕಾರಿಗಳು, ಕೋಳಿ ಫಾರಂ ಮಾಲೀಕರ ಪ್ರತಿನಿಧಿಗಳು ಮತ್ತು ಪಾಲ್ಗೊಂಡಿದ್ದರು.
ಡಿ. 21 ರಂದು ವಿವಿಧ ಹುದ್ದೆಗಳಿಗೆ ನೇರ
ನೇಮಕಾತಿ ಪರೀಕ್ಷೆಗಳು: ನಿಷೇಧಾಜ್ಞೆ ಜಾರಿ
ಕೊಪ್ಪಳ: ವಿವಿಧ ಹುದ್ದೆಗಳಿಗೆ ನೇರ ನೇಮಕಾತಿ ಪರೀಕ್ಷೆಗಳು ಡಿಸೆಂಬರ್ 21 ರಂದು ಕೊಪ್ಪಳದಲ್ಲಿ ನಡೆಯಲಿದ್ದು, ಸುಗಮ ಮತ್ತು ಶಾಂತಿಯುತವಾಗಿ ಪರೀಕ್ಷೆ ನಡೆಯುವ ಉದ್ದೇಶದಿಂದ ಪರೀಕ್ಷಾ ಕೇಂದ್ರಗಳ ಸುತ್ತ ನಿಷೇಧಾಜ್ಞೆ ಜಾರಿಗೊಳಿಸಿ ಜಿಲ್ಲಾಧಿಕಾರಿ ಡಾ. ಸುರೇಶ ಬಿ. ಇಟ್ನಾಳ ಅವರು ಆದೇಶ ಹೊರಡಿಸಿದ್ದಾರೆ. ಬಿಡಿಎ, ಶಾಂತಿನಿಕೇತನ ಇಲಾಖೆ, ಆರ್‌ಜಿಯುಹೆಚ್‌ಎಸ್, ಬಿಬಿಎಂಪಿ, ಎಸ್‌ಎಸ್ ಕೆ. ಕೆಸಿಆರ್‌ಟಿಎಸ್, ಕೆಎಸ್‌ಡಿಎಲ್, ಕೆ.ಎಸ್.ಎಸ್.ಡಿ.ಡಿ. ಮುಂತಾದ ಇಲಾಖೆ/ಸಂಸ್ಥೆಗಳಲ್ಲಿನ ವಿವಿಧ ಹುದ್ದೆಗಳಿಗೆ ನೇರ ನೇಮಕಾತಿ ಪರೀಕ್ಷೆಯು ಡಿ. 21ರ ಬೆಳಿಗ್ಗೆ 10.30 ಗಂಟೆಯಿಂದ ಮಧ್ಯಾಹ್ನ 12.30 ರವರೆಗೆ ಮತ್ತು ಮಧ್ಯಾಹ್ನ 2.30 ರಿಂದ ಸಂಜೆ 4.30 ಗಂಟೆಯವರೆಗೆ ಕೊಪ್ಪಳ ಜಿಲ್ಲೆಯ ಒಟ್ಟು 6 ಪರೀಕ್ಷಾ ಕೇಂದ್ರಗಳಲ್ಲಿ ಜರುಗಲಿದೆ. ಪರೀಕ್ಷೆಗಳನ್ನು ಸುಗಮ ಮತ್ತು ಶಾಂತಿಯುತವಾಗಿ ನಡೆಸುವ ಉದ್ದೇಶದಿಂದ ಪರೀಕ್ಷಾ ಕೇಂದ್ರಗಳ ಸುತ್ತ 200 ಮೀಟರ್ ಅಂತರದ ಪ್ರದೇಶದಲ್ಲಿ ಭಾರತೀಯ ನಾಗರಿಕ ಸುರಕ್ಷಾ ಸಂಹಿತೆ 2023ರ ಕಲಂ 163 ರನ್ವಯ ನಿಷೇಧಾಜ್ಞೆ ಜಾರಿಗೊಳಿಸಲಾಗಿದೆ. ನಿಷೇಧಾಜ್ಞೆ ಜಾರಿಯನ್ವಯ ಪರೀಕ್ಷಾ ಕೇಂದ್ರಗಳ ಸುತ್ತಲೂ 200 ಮೀಟರ್ ವ್ಯಾಪ್ತಿಯಲ್ಲಿ ಯಾವುದೇ ರೀತಿಯ ಎಸ್.ಟಿ.ಡಿ. ಜೆರಾಕ್ಸ್, ಫ್ಯಾಕ್ಸ್, ಸೈಬರ್ ಕೆಫೆ, ಟೈಪಿಂಗ್ ಅಂಗಡಿಗಳನ್ನು ತೆರೆಯುವುದನ್ನು ನಿಷೇಧಿಸಲಾಗಿದೆ. ಪರೀಕ್ಷಾ ಕೇಂದ್ರಗಳ ಹಾಗೂ ನಿಯೋಜಿತ ಸಿಬ್ಬಂದಿಗಳನ್ನು ಹೊರತುಪಡಿಸಿ ಅನ್ಯ ವ್ಯಕ್ತಿಗಳು ಪ್ರವೇಶಿಸದಂತೆ ನಿರ್ಬಂಧಿಸಲಾಗಿದೆ. ಪರೀಕ್ಷಾ ಕೇಂದ್ರಗಳ 200 ಮೀಟರ್ ವ್ಯಾಪ್ತಿಯಲ್ಲಿ 5 ಕ್ಕಿಂತ ಹೆಚ್ಚು ಜನ ಗುಂಪು ಕೂಡುವುದನ್ನು ನಿಷೇಧಿಸಲಾಗಿದೆ. ಈ ಆದೇಶವು ಮದುವೆ, ಶವ ಸಂಸ್ಕಾರಗಳು ಹಾಗೂ ಪೂರ್ವನಿಗದಿತ ಧಾರ್ಮಿಕ ಕಾರ್ಯಕ್ರಮಗಳಿಗೆ ಅನ್ವಯವಾಗುವುದಿಲ್ಲ ಎಂದು ಜಿಲ್ಲಾಧಿಕಾರಿಗಳು ಆದೇಶದಲ್ಲಿ ತಿಳಿಸಿದ್ದಾರೆ.
ಇಂದು ಕೊಪ್ಪಳದಲ್ಲಿ ವಿದ್ಯುತ್ ಗ್ರಾಹಕರ ಸಂವಾದ ಸಭೆ
ಕೊಪ್ಪಳ: ಕೊಪ್ಪಳ ಜೆಸ್ಕಾಂ ಕಾರ್ಯ ಮತ್ತು ಪಾಲನಾ ಉಪ ವಿಭಾಗದ ವಿದ್ಯುತ್ ಗ್ರಾಹಕರ ಅಹವಾಲುಗಳನ್ನು ಸ್ವೀಕರಿಸಲು ಮತ್ತು ಗ್ರಾಹಕರ ಕುಂದು ಕೊರತೆಗಳನ್ನು ನಿವಾರಿಸಲು ನಿಟ್ಟಿನಲ್ಲಿ ವಿದ್ಯುತ್ ಗ್ರಾಹಕರ ಸಂವಾದ ಸಭೆಯನ್ನು ಡಿಸೆಂಬರ್ 20 ರಂದು ಬೆಳಿಗ್ಗೆ 11 ಗಂಟೆಗೆ ಕೊಪ್ಪಳದ ಕಾರ್ಯ ಮತ್ತು ಪಾಲನಾ ಉಪ ವಿಭಾಗ ಕಚೇರಿಯಲ್ಲಿ ಏರ್ಪಡಿಸಲಾಗಿದ್ದು, ಸಂಬಂಧಿಸಿದ ವಿದ್ಯುತ್ ಗ್ರಾಹಕರು ಈ ಸಭೆಗೆ ಹಾಜರಾಗುವಂತೆ ಕೊಪ್ಪಳ ಜೆಸ್ಕಾಂ ಕಾರ್ಯ ಮತ್ತು ಪಾಲನಾ ಉಪ ವಿಭಾಗ ಕಚೇರಿಯ ಸಹಾಯಕ ಕಾರ್ಯನಿರ್ವಾಹಕ ಅಭಿಯಂತರರು ಪ್ರಕಟಣೆಯಲ್ಲಿ ತಿಳಿಸಿದ್ದಾರೆ.
IN THE COURT OF THE HONOURABLE 3rd ADDITIONAL CIVIL JUDGE AND J.M.F.C HOSAPETE
Cri.M.C.No:1783/2025
K Chandra Sekhara & others ..........Petitioners
-Vs-
The Municipal Commissioner -cum- Registrar of Birth& Deaths City Municipality, Hosapete, ...............Respondent
To, Whom so ever it may concern.

WHEREAS the above named petitioners 1) K Chandra Shekar son of Kanna Swamy, aged about 44 years, R/o 12th Ward, Opp Galemma Temple Devi Nagar, Chittawadigi, Hosapete, Vijayanagara district. 2) R.Jagadish son of Late Rajendra Prasad, aged about 31 years, R/o No.117 Tapateshwar Colony, Chintamani, Chintamani taluk, Chikkaballapura district 3) R, Abhishek son of late Rajendra Prasad, aged about 28 years, R/o 12th Ward, Opp Galemma Temple Devi Nagar, Chittawadigi, Hosapete, Vijayanagara district have filed the petition under section 13(3) of Registration of birth and death Act, seeking the direction of this court to issue direction to the respondent to enter the date of death of Rajendra Prasad son of Late Narasimha Murthy who died on 11/09/1999 at his residence at Devi Nagar, Chittawadi, 12th Ward, Hosapete, who is the sister's husband of petitioner No.1 and father of petitioner No.2 and 3.

WHEREAS, if any persons interested with respect to the above proceedings are hereby noticed to appear in this court in person or by pleader duly able to answer all material question relating to the said petition on 08/01/2026 at about 11-00 A.M, otherwise the matter will be heard and determined.

Given under my hand and seal of this court on this 08 day of 12/2025.

From,
N S.Hulugappa.
G.Ramesh.
Advocate Hosapete.
By order of the court.
Shirestedar,
3rd Additional Civil Judge
& JMFC court, Hosapete.
IN THE COURT OF THE HONOURABLE 3rd ADDITIONAL CIVIL JUDGE AND J.M.F.C HOSAPETE
Cri.M.C.No:1784/2025
K Chandra Sekhara & others ..........Petitioners
-Vs-
The Municipal Commissioner -cum- Registrar of Birth& Deaths City Municipality, Hosapete, ...............Respondent
To, Whom so ever it may concern.

WHEREAS the above named petitioners 1) K Chandra Shekar son of Kanna Swamy, aged about 44 years, R/o 12th Ward, Opp Galemma Temple Devi Nagar, Chittawadigi, Hosapete, Vijayanagara district. 2) R.Jagadish son of Late Rajendra Prasad, aged about 31 years, R/o No.117 Tapateshwar Colony, Chintamani, Chintamani taluk, Chikkaballapura district 3) R, Abhishek son of late Rajendra Prasad, aged about 28 years, R/o 12th Ward, Opp Galemma Temple Devi Nagar, Chittawadigi, Hosapete, Vijayanagara district have filed the petition under section 13(3) of Registration of birth and death Act, seeking the direction of this court to issue direction to the respondent to enter the date of death of umadevi wife of Late Rajendra Prasad who died on 20/05/2000 at her residence at Devi Nagar, Chittawadigi, 12th Ward, Hosapete, who is the sister's of petitioner No.1 and mother of petitioner No.2 and 3.

WHEREAS, if any persons interested with respect to the above proceedings are hereby noticed to appear in this court in person or by pleader duly able to answer all material question relating to the said petition on 08/01/2026 at about 11-00 A.M, otherwise the matter will be heard and determined.

Given under my hand and seal of this court on this 08 day of 12/2025.

From,
N S.Hulugappa.
G.Ramesh.
Advocate Hosapete.
By order of the court.
Shirestedar,
3rd Additional Civil Judge &
JMFC court, Hosapete.
IN THE COURT OF THE HON'BLE CIVIL JUDGE AND J.M.F.C.AT HOSAPETE
Cri.M.C.No:1958/2025.
BETWEEN:-
Gollar Honnurappa & others ..............Petitioners
-And-
The Commissioner- Cum- Register of Births and death, CMC Hosapete .......................Respondents
WHOMSOEVER IT MAY CONCERN

WHEREAS the above named the petitioners by name Gollar Honnurappa S/o Gollar Gangappa, aged about 70 years, Hindu, Agriculturist, 2)Smt Lakshmamma w/o Gollar Honnurappa, Aged about 69years, Hindu, Housewife, 3)Yallappa Gollar S/o Gangappa Gollar, Aged about 53 years, Hindu, Agriculturist, 4)Smt.Janakamma w/o Yallappa Gollar, Aged about 48 years, Hindu, Housewife, 5) Smt.Lingamma W/o Vijiyappa, Aged about 47 years, Hindu, Housewife, 6)Gollar Thippeswamy S/o Gollar Honnurappa, Aged about 37 years, Hindu, Agriculturist, 7)Smt.Geeta D w/o Gollar Thippeswamy, Aged about 36 years, Hindu, Housewife, 8)Gollar Mahesh S/o Gollar Honnurappa, Aged about 34 years, Hindu, Agriculturist, 9)Harish Gollar S/o Yallappa Gollar, Aged about 30 years, Hindu, Agriculturist, 10)Smt.Sushma G.M. w/o Gollar Mahesh Aged about 30 years, Hindu, Housewife, all are R/o 3rd Ward, Old Malapanagudi Village, Hosapete Taluk, Vijayanagara Dist. have filed the above petition under Sec.13(3) of Registration of Birth and deaths Act, seeking the direction of this Hon'ble court to issue direction to the Respondent to enter the date of death of one Nagamma Gollar W/o Gangappa Gollar who died on 12/03/2012 at Malapanagudi Village, Hosapete Taluk, Vijayanagara Dist., the deceased is the mother of petitioner Nos. 1,3 and 5 and grandmother of petitioner No.2 and 4 and grandmother of petitioners No.6,8 and 9 and great-grandmother-in-law of petitioner Nos.7 and 10,

Whereas, if any persons interested with respect to the above proceedings are hereby noticed to appear in this Court in person or by pleader duly able to answer all material questions relating to the said petition on 23/01/2026 at about 11.00 AM., to answer the claim, otherwise the petition will be heard and determined in your absence.

Given under my hand and seal of this Court on this 18 day of 12/2025

From
Vinayaka H.D.
Advocate, Hosapete.
By order of the Court
Shirestedar
Hon'ble principal Civil Judge &
JMFC Court Hosapete.
